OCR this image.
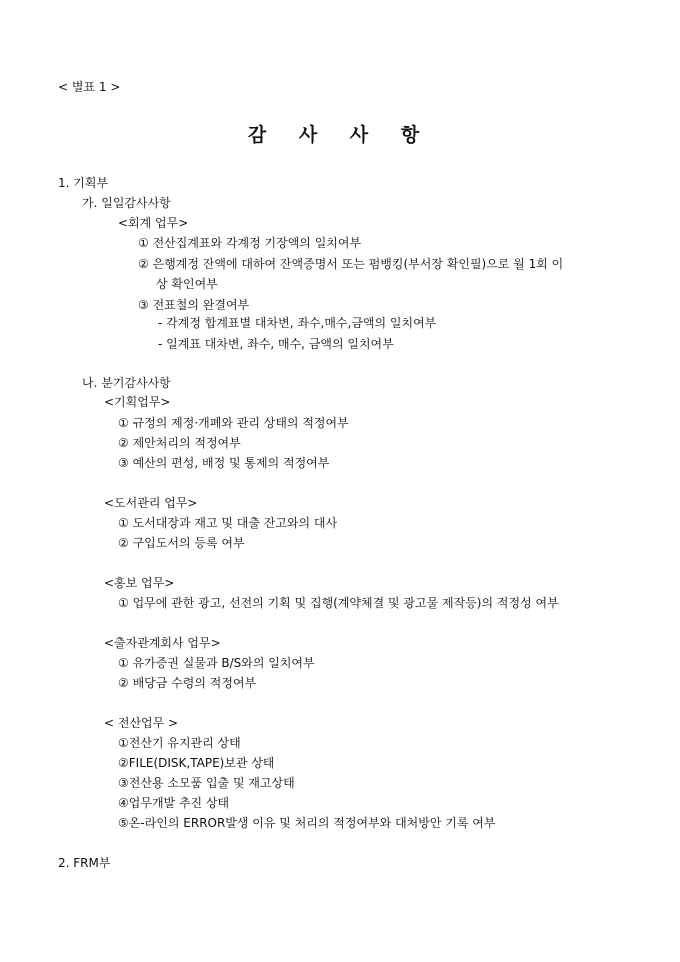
< 별표 1 >
감 사 사 항
1. 기획부
가. 일일감사사항
<회계 업무>
① 전산집계표와 각계정 기장액의 일치여부
② 은행계정 잔액에 대하여 잔액증명서 또는 펌뱅킹(부서장 확인필)으로 월 1회 이
상 확인여부
③ 전표철의 완결여부
- 각계정 합계표별 대차변, 좌수,매수,금액의 일치여부
- 일계표 대차변, 좌수, 매수, 금액의 일치여부
나. 분기감사사항
<기획업무>
① 규정의 제정·개폐와 관리 상태의 적정여부
② 제안처리의 적정여부
③ 예산의 편성, 배정 및 통제의 적정여부
<도서관리 업무>
① 도서대장과 재고 및 대출 잔고와의 대사
② 구입도서의 등록 여부
<홍보 업무>
① 업무에 관한 광고, 선전의 기획 및 집행(계약체결 및 광고물 제작등)의 적정성 여부
<출자관계회사 업무>
① 유가증권 실물과 B/S와의 일치여부
② 배당금 수령의 적정여부
< 전산업무 >
①전산기 유지관리 상태
②FILE(DISK,TAPE)보관 상태
③전산용 소모품 입출 및 재고상태
④업무개발 추진 상태
⑤온-라인의 ERROR발생 이유 및 처리의 적정여부와 대처방안 기록 여부
2. FRM부
